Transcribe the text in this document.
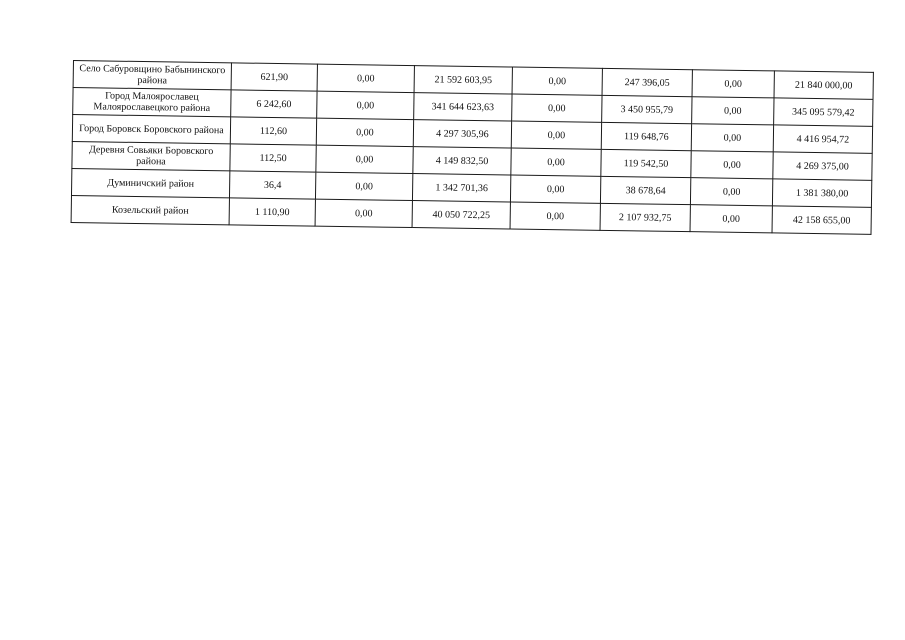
Село Сабуровщино Бабынинского района	621,90	0,00	21 592 603,95	0,00	247 396,05	0,00	21 840 000,00
Город Малоярославец Малоярославецкого района	6 242,60	0,00	341 644 623,63	0,00	3 450 955,79	0,00	345 095 579,42
Город Боровск Боровского района	112,60	0,00	4 297 305,96	0,00	119 648,76	0,00	4 416 954,72
Деревня Совьяки Боровского района	112,50	0,00	4 149 832,50	0,00	119 542,50	0,00	4 269 375,00
Думиничский район	36,4	0,00	1 342 701,36	0,00	38 678,64	0,00	1 381 380,00
Козельский район	1 110,90	0,00	40 050 722,25	0,00	2 107 932,75	0,00	42 158 655,00
